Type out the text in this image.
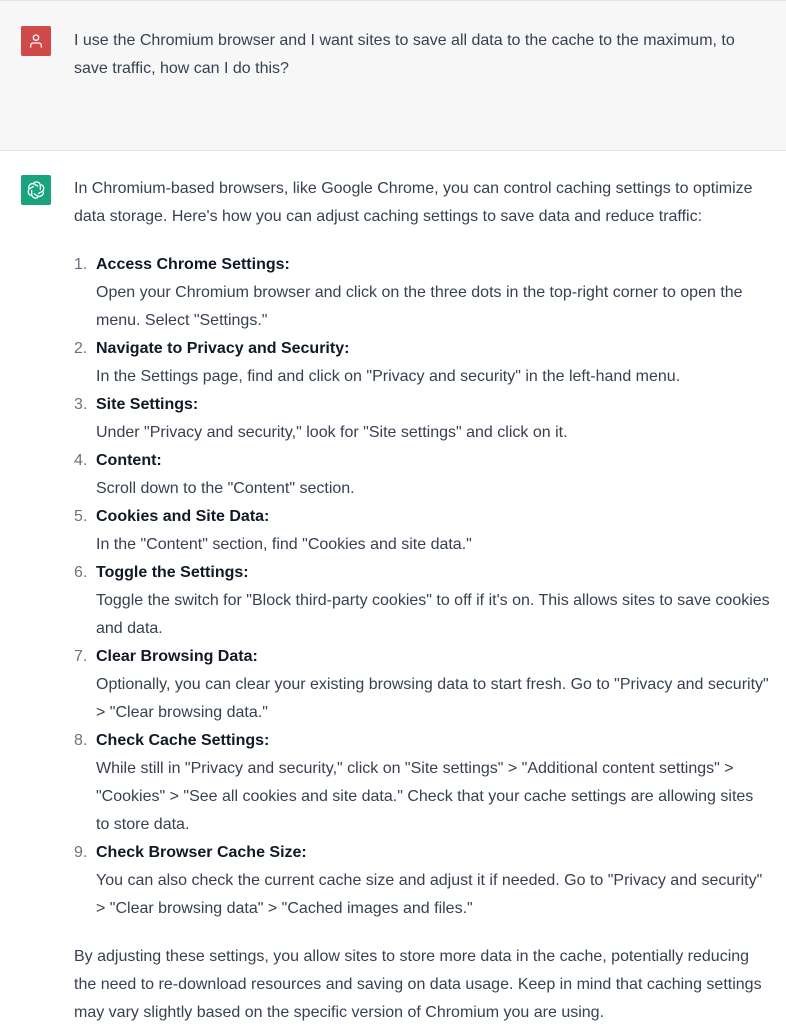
I use the Chromium browser and I want sites to save all data to the cache to the maximum, to save traffic, how can I do this?

In Chromium-based browsers, like Google Chrome, you can control caching settings to optimize data storage. Here's how you can adjust caching settings to save data and reduce traffic:

1. Access Chrome Settings:
Open your Chromium browser and click on the three dots in the top-right corner to open the menu. Select "Settings."
2. Navigate to Privacy and Security:
In the Settings page, find and click on "Privacy and security" in the left-hand menu.
3. Site Settings:
Under "Privacy and security," look for "Site settings" and click on it.
4. Content:
Scroll down to the "Content" section.
5. Cookies and Site Data:
In the "Content" section, find "Cookies and site data."
6. Toggle the Settings:
Toggle the switch for "Block third-party cookies" to off if it's on. This allows sites to save cookies and data.
7. Clear Browsing Data:
Optionally, you can clear your existing browsing data to start fresh. Go to "Privacy and security" > "Clear browsing data."
8. Check Cache Settings:
While still in "Privacy and security," click on "Site settings" > "Additional content settings" > "Cookies" > "See all cookies and site data." Check that your cache settings are allowing sites to store data.
9. Check Browser Cache Size:
You can also check the current cache size and adjust it if needed. Go to "Privacy and security" > "Clear browsing data" > "Cached images and files."

By adjusting these settings, you allow sites to store more data in the cache, potentially reducing the need to re-download resources and saving on data usage. Keep in mind that caching settings may vary slightly based on the specific version of Chromium you are using.
